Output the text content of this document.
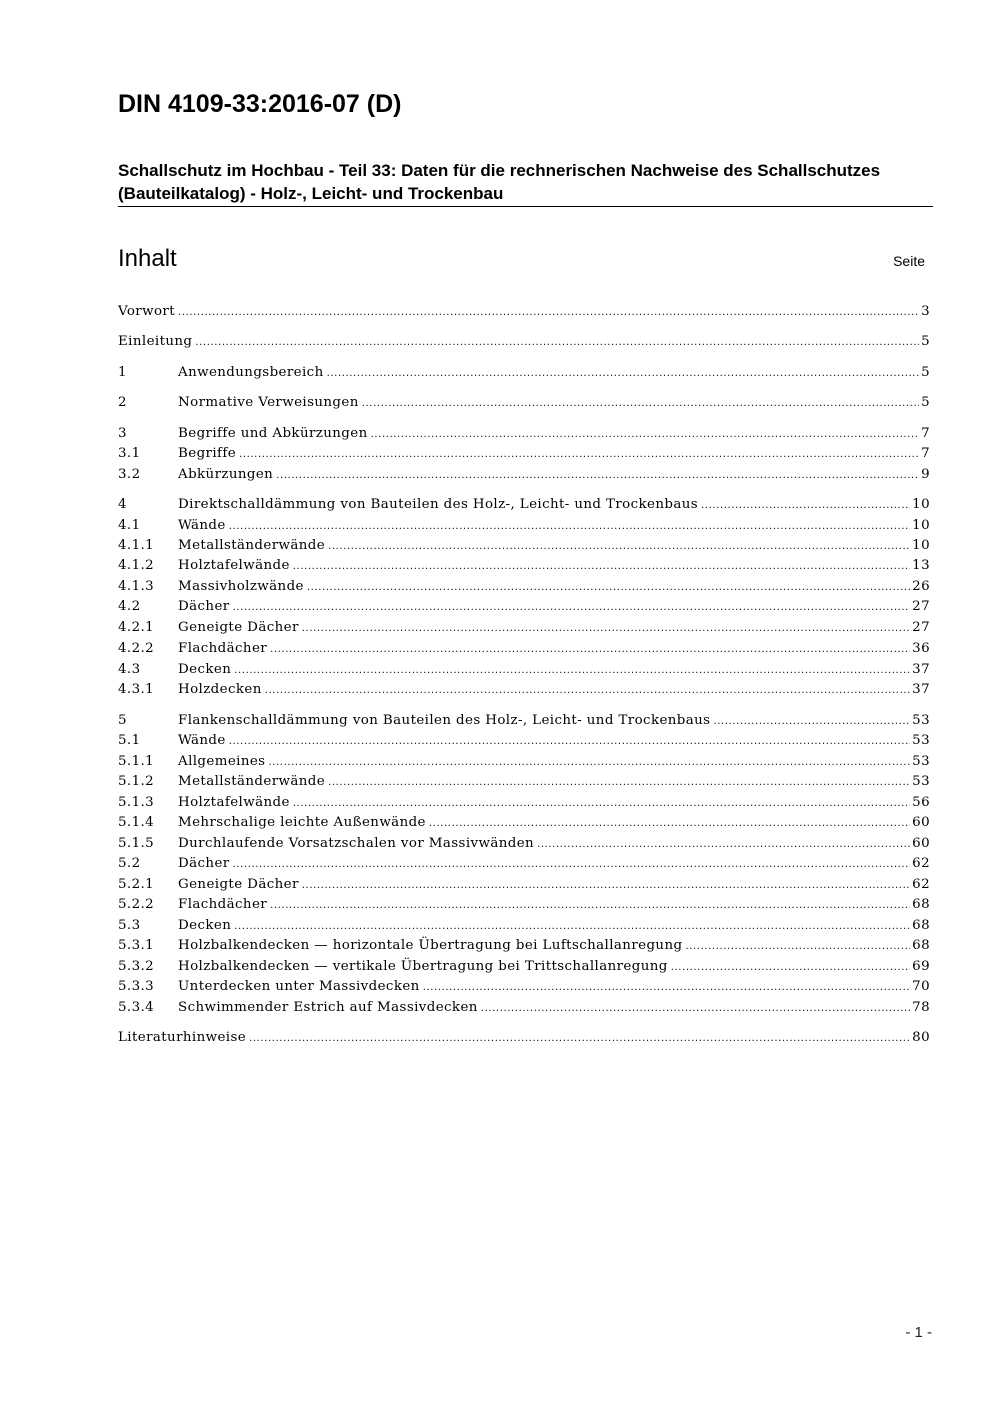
DIN 4109-33:2016-07 (D)
Schallschutz im Hochbau - Teil 33: Daten für die rechnerischen Nachweise des Schallschutzes (Bauteilkatalog) - Holz-, Leicht- und Trockenbau
Inhalt	Seite
Vorwort .....	3
Einleitung .....	5
1	Anwendungsbereich .....	5
2	Normative Verweisungen .....	5
3	Begriffe und Abkürzungen .....	7
3.1	Begriffe .....	7
3.2	Abkürzungen .....	9
4	Direktschalldämmung von Bauteilen des Holz-, Leicht- und Trockenbaus .....	10
4.1	Wände .....	10
4.1.1	Metallständerwände .....	10
4.1.2	Holztafelwände .....	13
4.1.3	Massivholzwände .....	26
4.2	Dächer .....	27
4.2.1	Geneigte Dächer .....	27
4.2.2	Flachdächer .....	36
4.3	Decken .....	37
4.3.1	Holzdecken .....	37
5	Flankenschalldämmung von Bauteilen des Holz-, Leicht- und Trockenbaus .....	53
5.1	Wände .....	53
5.1.1	Allgemeines .....	53
5.1.2	Metallständerwände .....	53
5.1.3	Holztafelwände .....	56
5.1.4	Mehrschalige leichte Außenwände .....	60
5.1.5	Durchlaufende Vorsatzschalen vor Massivwänden .....	60
5.2	Dächer .....	62
5.2.1	Geneigte Dächer .....	62
5.2.2	Flachdächer .....	68
5.3	Decken .....	68
5.3.1	Holzbalkendecken — horizontale Übertragung bei Luftschallanregung .....	68
5.3.2	Holzbalkendecken — vertikale Übertragung bei Trittschallanregung .....	69
5.3.3	Unterdecken unter Massivdecken .....	70
5.3.4	Schwimmender Estrich auf Massivdecken .....	78
Literaturhinweise .....	80
- 1 -
